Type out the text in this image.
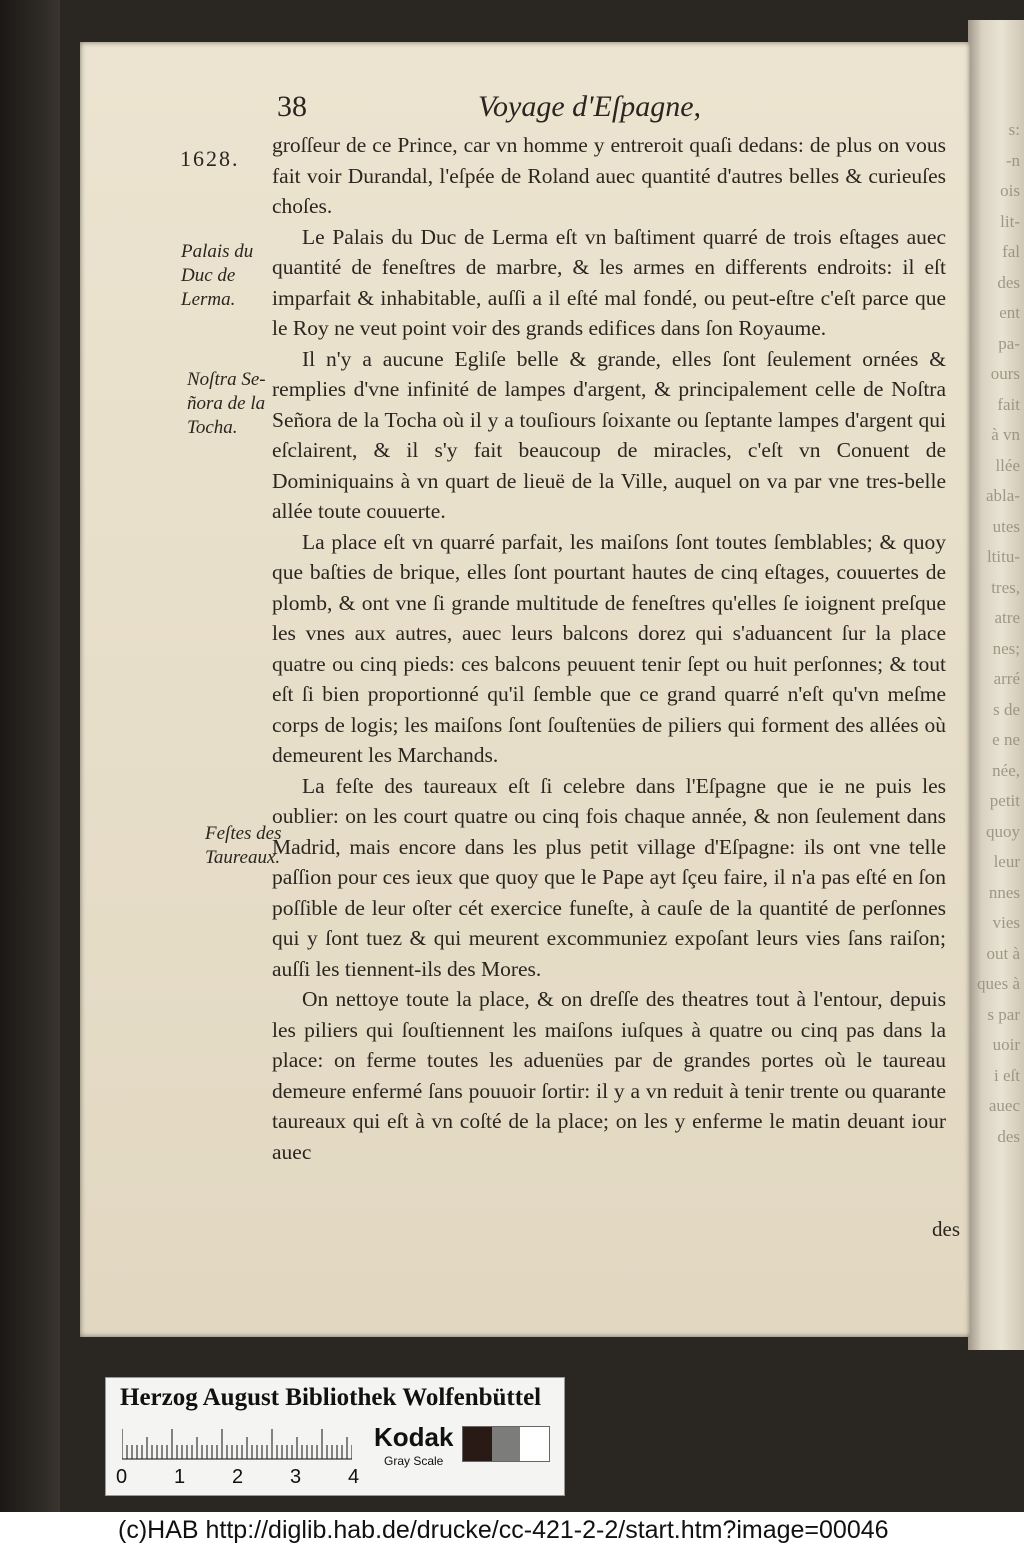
s:
-n
ois
lit-
fal
des
ent
pa-
ours
fait
à vn
llée
abla-
utes
ltitu-
tres,
atre
nes;
arré
s de
e ne
née,
petit
quoy
leur
nnes
vies
out à
ques à
s par
uoir
i eſt
auec
des
38	Voyage d'Eſpagne,
1628.
Palais du
Duc de
Lerma.
Noſtra Se-
ñora de la
Tocha.
Feſtes des
Taureaux.

groſſeur de ce Prince, car vn homme y entreroit quaſi dedans: de plus on vous fait voir Durandal, l'eſpée de Roland auec quantité d'autres belles & curieuſes choſes.

Le Palais du Duc de Lerma eſt vn baſtiment quarré de trois eſtages auec quantité de feneſtres de marbre, & les armes en differents endroits: il eſt imparfait & inhabitable, auſſi a il eſté mal fondé, ou peut-eſtre c'eſt parce que le Roy ne veut point voir des grands edifices dans ſon Royaume.

Il n'y a aucune Egliſe belle & grande, elles ſont ſeulement ornées & remplies d'vne infinité de lampes d'argent, & principalement celle de Noſtra Señora de la Tocha où il y a touſiours ſoixante ou ſeptante lampes d'argent qui eſclairent, & il s'y fait beaucoup de miracles, c'eſt vn Conuent de Dominiquains à vn quart de lieuë de la Ville, auquel on va par vne tres-belle allée toute couuerte.

La place eſt vn quarré parfait, les maiſons ſont toutes ſemblables; & quoy que baſties de brique, elles ſont pourtant hautes de cinq eſtages, couuertes de plomb, & ont vne ſi grande multitude de feneſtres qu'elles ſe ioignent preſque les vnes aux autres, auec leurs balcons dorez qui s'aduancent ſur la place quatre ou cinq pieds: ces balcons peuuent tenir ſept ou huit perſonnes; & tout eſt ſi bien proportionné qu'il ſemble que ce grand quarré n'eſt qu'vn meſme corps de logis; les maiſons ſont ſouſtenües de piliers qui forment des allées où demeurent les Marchands.

La feſte des taureaux eſt ſi celebre dans l'Eſpagne que ie ne puis les oublier: on les court quatre ou cinq fois chaque année, & non ſeulement dans Madrid, mais encore dans les plus petit village d'Eſpagne: ils ont vne telle paſſion pour ces ieux que quoy que le Pape ayt ſçeu faire, il n'a pas eſté en ſon poſſible de leur oſter cét exercice funeſte, à cauſe de la quantité de perſonnes qui y ſont tuez & qui meurent excommuniez expoſant leurs vies ſans raiſon; auſſi les tiennent-ils des Mores.

On nettoye toute la place, & on dreſſe des theatres tout à l'entour, depuis les piliers qui ſouſtiennent les maiſons iuſques à quatre ou cinq pas dans la place: on ferme toutes les aduenües par de grandes portes où le taureau demeure enfermé ſans pouuoir ſortir: il y a vn reduit à tenir trente ou quarante taureaux qui eſt à vn coſté de la place; on les y enferme le matin deuant iour auec

des
Herzog August Bibliothek Wolfenbüttel
0 1 2 3 4
Kodak
Gray Scale
(c)HAB http://diglib.hab.de/drucke/cc-421-2-2/start.htm?image=00046
